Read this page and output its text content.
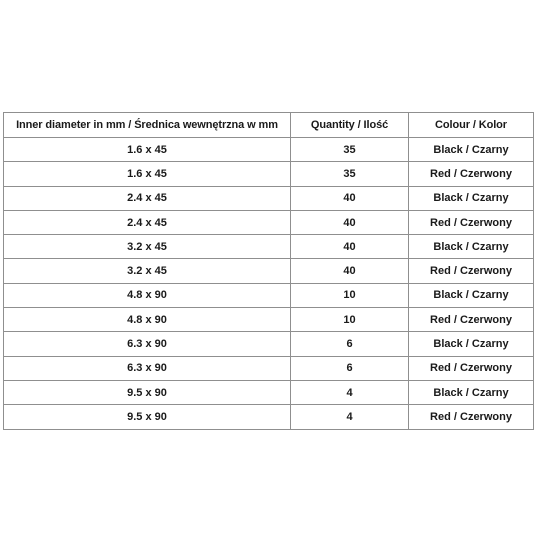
Inner diameter in mm / Średnica wewnętrzna w mm	Quantity / Ilość	Colour / Kolor
1.6 x 45	35	Black / Czarny
1.6 x 45	35	Red / Czerwony
2.4 x 45	40	Black / Czarny
2.4 x 45	40	Red / Czerwony
3.2 x 45	40	Black / Czarny
3.2 x 45	40	Red / Czerwony
4.8 x 90	10	Black / Czarny
4.8 x 90	10	Red / Czerwony
6.3 x 90	6	Black / Czarny
6.3 x 90	6	Red / Czerwony
9.5 x 90	4	Black / Czarny
9.5 x 90	4	Red / Czerwony
